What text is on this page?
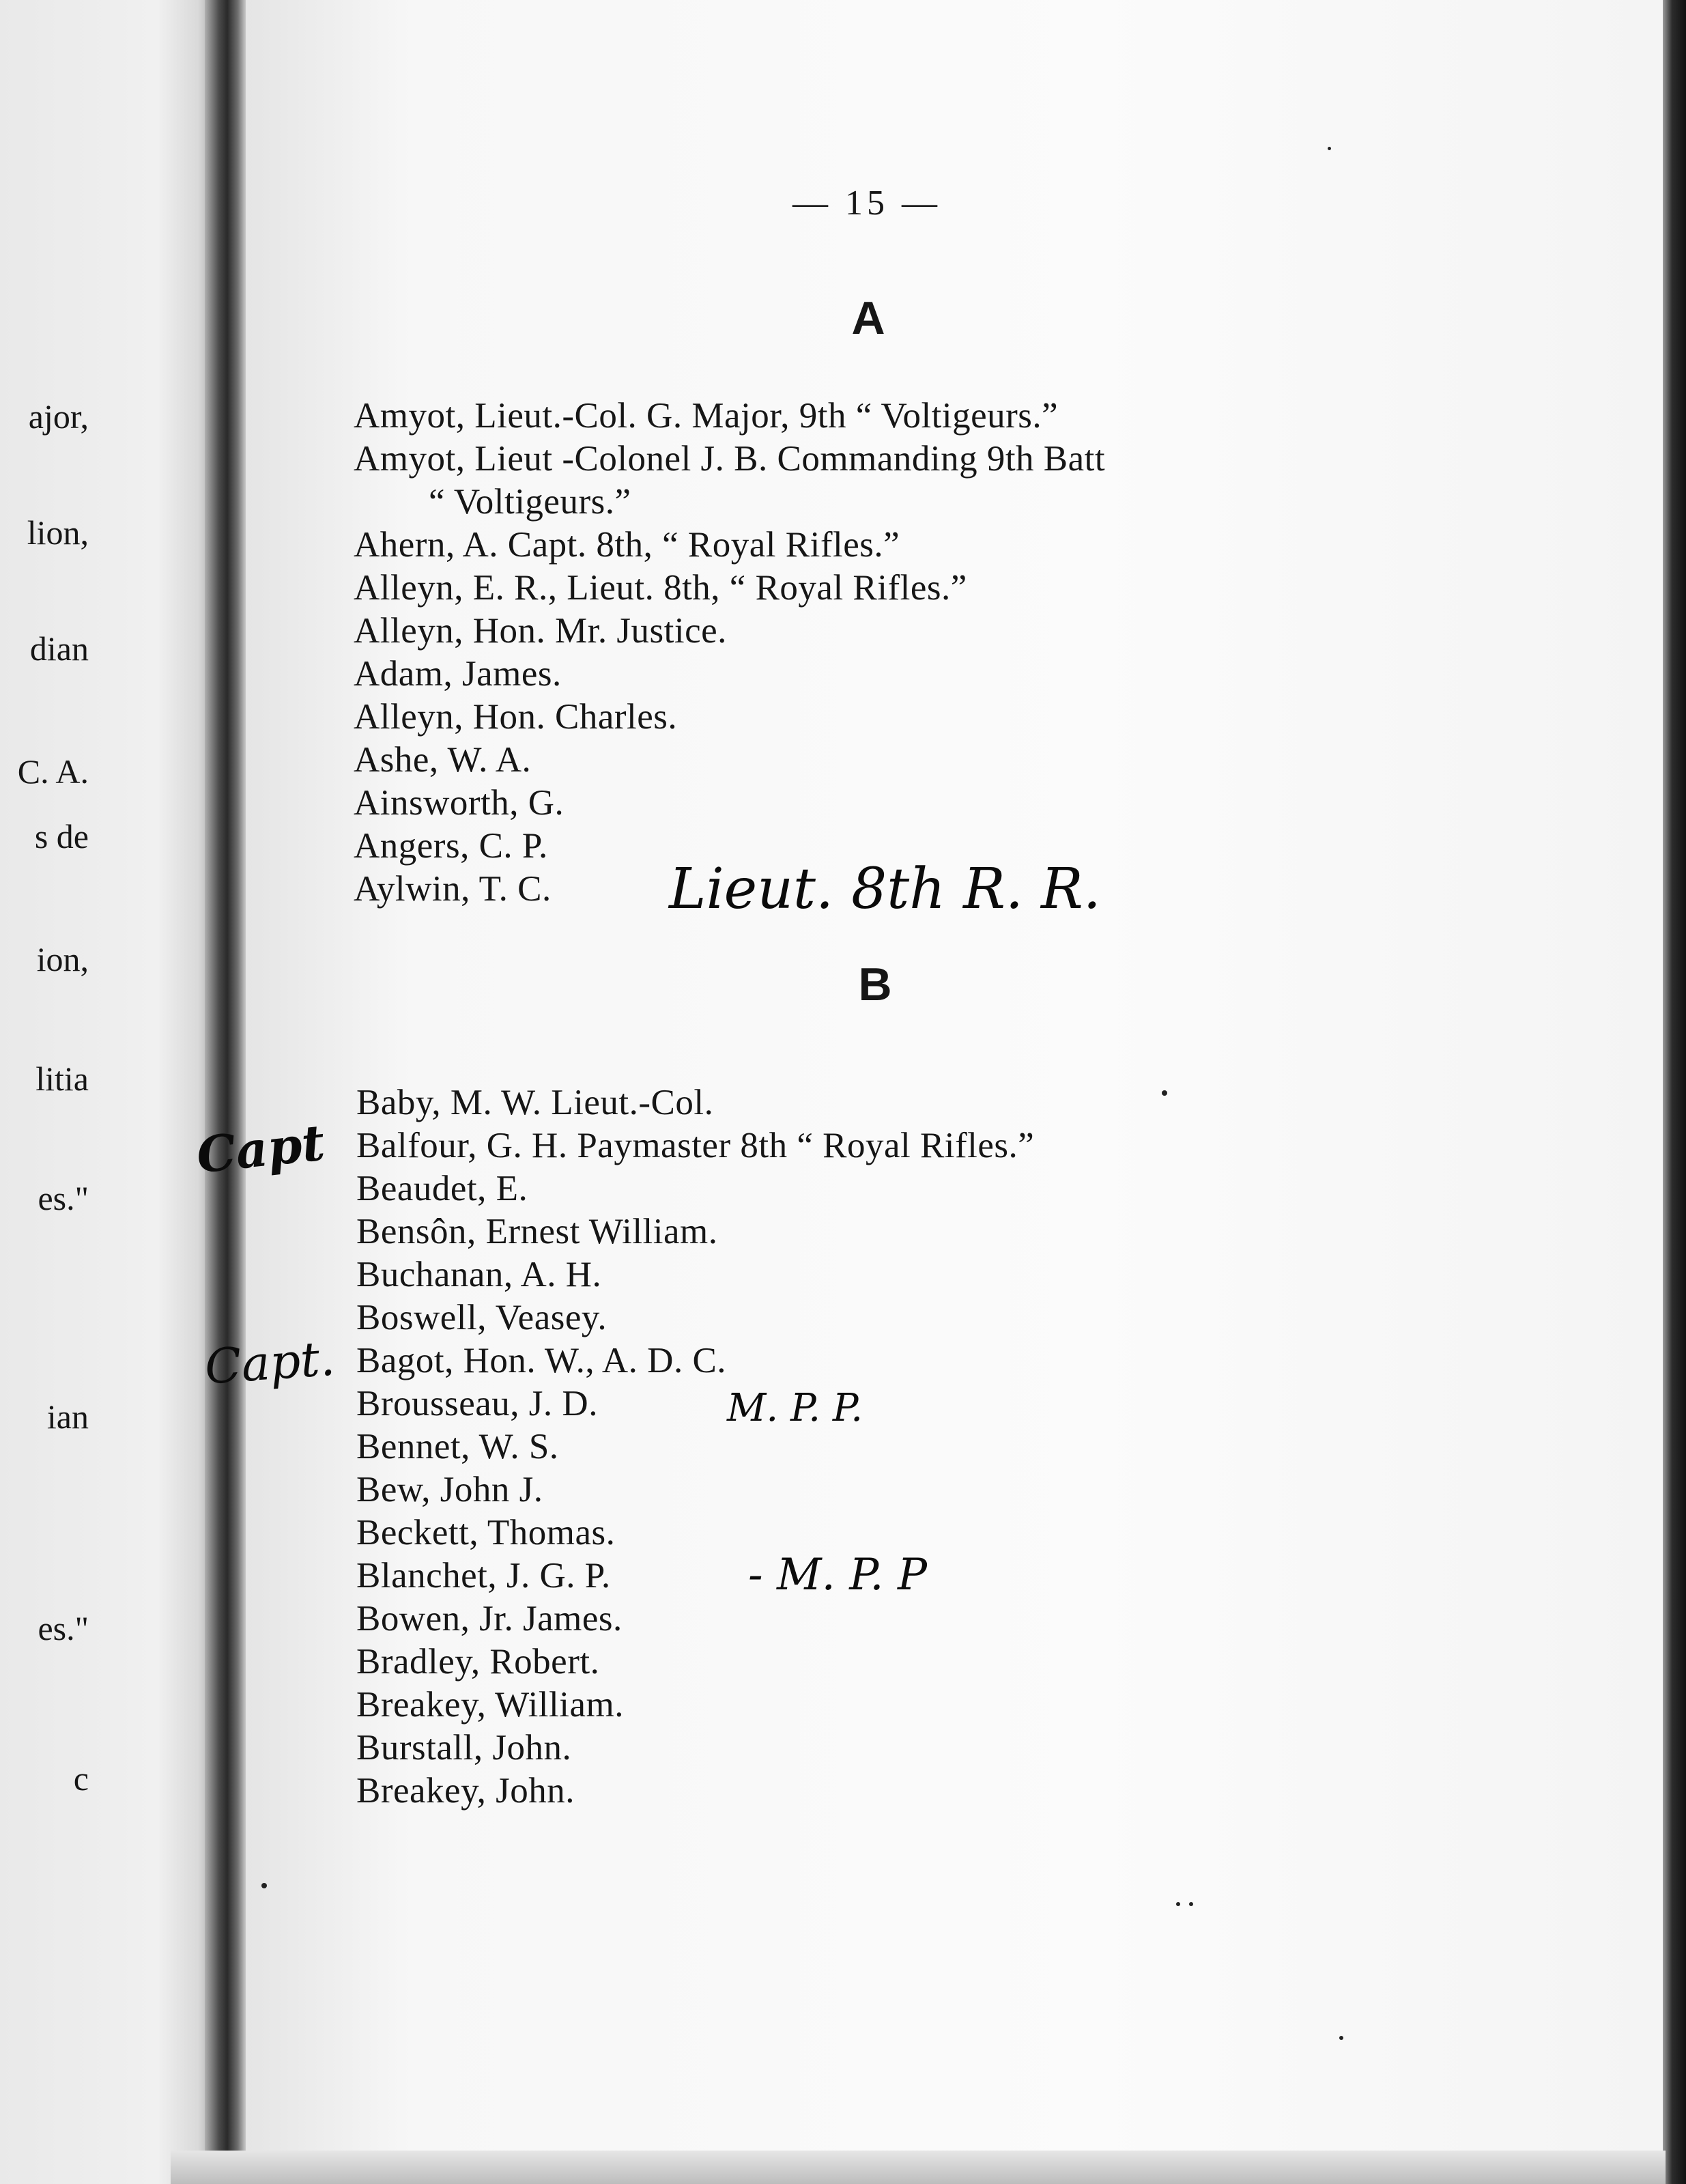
ajor,
lion,
dian
C. A.
s de
ion,
litia
es."
ian
es."
c
— 15 —
A
Amyot, Lieut.-Col. G. Major, 9th “ Voltigeurs.”
Amyot, Lieut -Colonel J. B. Commanding 9th Batt
“ Voltigeurs.”
Ahern, A. Capt. 8th, “ Royal Rifles.”
Alleyn, E. R., Lieut. 8th, “ Royal Rifles.”
Alleyn, Hon. Mr. Justice.
Adam, James.
Alleyn, Hon. Charles.
Ashe, W. A.
Ainsworth, G.
Angers, C. P.
Aylwin, T. C.
B
Baby, M. W. Lieut.-Col.
Balfour, G. H. Paymaster 8th “ Royal Rifles.”
Beaudet, E.
Bensôn, Ernest William.
Buchanan, A. H.
Boswell, Veasey.
Bagot, Hon. W., A. D. C.
Brousseau, J. D.
Bennet, W. S.
Bew, John J.
Beckett, Thomas.
Blanchet, J. G. P.
Bowen, Jr. James.
Bradley, Robert.
Breakey, William.
Burstall, John.
Breakey, John.
Lieut. 8th R. R.
Capt
Capt.
M. P. P.
- M. P. P
